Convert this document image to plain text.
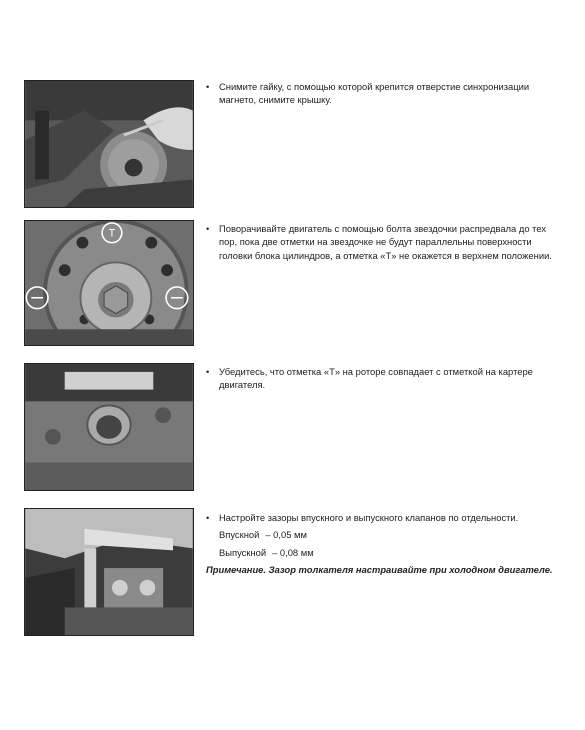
• Снимите гайку, с помощью которой крепится отверстие синхронизации магнето, снимите крышку.
T	• Поворачивайте двигатель с помощью болта звездочки распредвала до тех пор, пока две отметки на звездочке не будут параллельны поверхности головки блока цилиндров, а отметка «T» не окажется в верхнем положении.
• Убедитесь, что отметка «T» на роторе совпадает с отметкой на картере двигателя.
• Настройте зазоры впускного и выпускного клапанов по отдельности.
Впускной – 0,05 мм
Выпускной – 0,08 мм
Примечание. Зазор толкателя настраивайте при холодном двигателе.
